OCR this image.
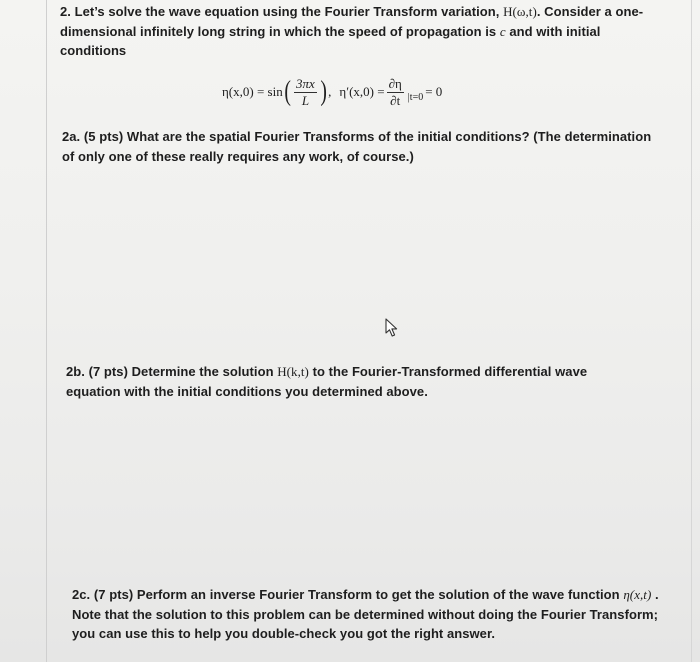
2. Let’s solve the wave equation using the Fourier Transform variation, H(ω,t). Consider a one-dimensional infinitely long string in which the speed of propagation is c and with initial conditions
η(x,0) = sin ( $\frac{3\pi x}{L}$ ) , $\eta'(x,0) = \frac{\partial\eta}{\partial t} |t=0 = 0$
2a. (5 pts) What are the spatial Fourier Transforms of the initial conditions? (The determination of only one of these really requires any work, of course.)
2b. (7 pts) Determine the solution H(k,t) to the Fourier-Transformed differential wave equation with the initial conditions you determined above.
2c. (7 pts) Perform an inverse Fourier Transform to get the solution of the wave function η(x,t) . Note that the solution to this problem can be determined without doing the Fourier Transform; you can use this to help you double-check you got the right answer.
